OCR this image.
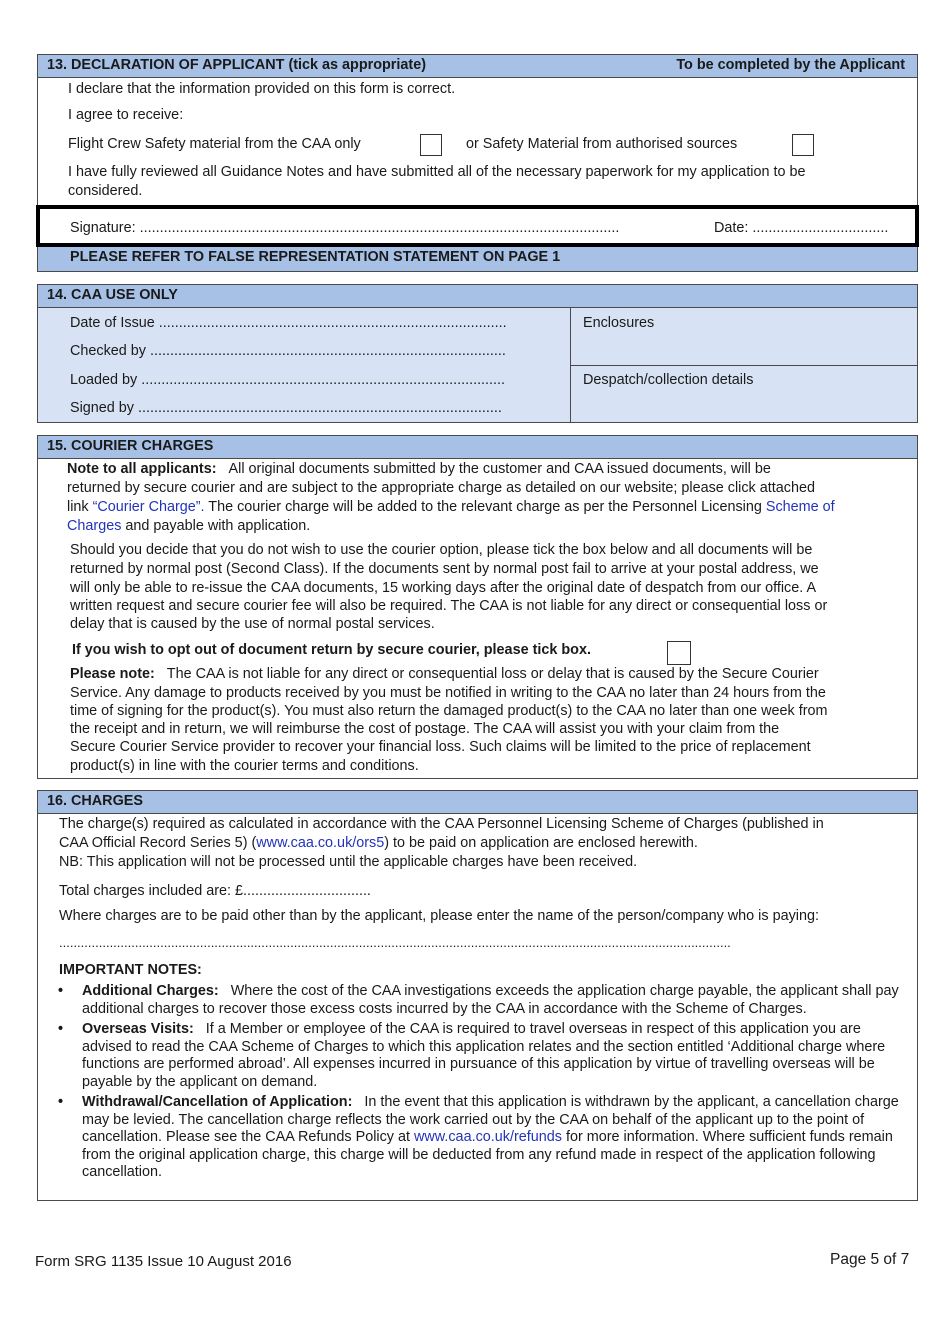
13. DECLARATION OF APPLICANT (tick as appropriate)	To be completed by the Applicant
I declare that the information provided on this form is correct.
I agree to receive:
Flight Crew Safety material from the CAA only	or Safety Material from authorised sources
I have fully reviewed all Guidance Notes and have submitted all of the necessary paperwork for my application to be
considered.
Signature: ........................................................................................................................	Date: ..................................
PLEASE REFER TO FALSE REPRESENTATION STATEMENT ON PAGE 1
14. CAA USE ONLY
Date of Issue .......................................................................................
Checked by .........................................................................................
Loaded by ...........................................................................................
Signed by ...........................................................................................
Enclosures
Despatch/collection details
15. COURIER CHARGES
Note to all applicants: All original documents submitted by the customer and CAA issued documents, will be
returned by secure courier and are subject to the appropriate charge as detailed on our website; please click attached
link “Courier Charge”. The courier charge will be added to the relevant charge as per the Personnel Licensing Scheme of
Charges and payable with application.
Should you decide that you do not wish to use the courier option, please tick the box below and all documents will be
returned by normal post (Second Class). If the documents sent by normal post fail to arrive at your postal address, we
will only be able to re-issue the CAA documents, 15 working days after the original date of despatch from our office. A
written request and secure courier fee will also be required. The CAA is not liable for any direct or consequential loss or
delay that is caused by the use of normal postal services.
If you wish to opt out of document return by secure courier, please tick box.
Please note: The CAA is not liable for any direct or consequential loss or delay that is caused by the Secure Courier
Service. Any damage to products received by you must be notified in writing to the CAA no later than 24 hours from the
time of signing for the product(s). You must also return the damaged product(s) to the CAA no later than one week from
the receipt and in return, we will reimburse the cost of postage. The CAA will assist you with your claim from the
Secure Courier Service provider to recover your financial loss. Such claims will be limited to the price of replacement
product(s) in line with the courier terms and conditions.
16. CHARGES
The charge(s) required as calculated in accordance with the CAA Personnel Licensing Scheme of Charges (published in
CAA Official Record Series 5) (www.caa.co.uk/ors5) to be paid on application are enclosed herewith.
NB: This application will not be processed until the applicable charges have been received.
Total charges included are: £................................
Where charges are to be paid other than by the applicant, please enter the name of the person/company who is paying:
..........................................................................................................................................................................................
IMPORTANT NOTES:
• Additional Charges: Where the cost of the CAA investigations exceeds the application charge payable, the applicant shall pay additional charges to recover those excess costs incurred by the CAA in accordance with the Scheme of Charges.
• Overseas Visits: If a Member or employee of the CAA is required to travel overseas in respect of this application you are advised to read the CAA Scheme of Charges to which this application relates and the section entitled ‘Additional charge where functions are performed abroad’. All expenses incurred in pursuance of this application by virtue of travelling overseas will be payable by the applicant on demand.
• Withdrawal/Cancellation of Application: In the event that this application is withdrawn by the applicant, a cancellation charge may be levied. The cancellation charge reflects the work carried out by the CAA on behalf of the applicant up to the point of cancellation. Please see the CAA Refunds Policy at www.caa.co.uk/refunds for more information. Where sufficient funds remain from the original application charge, this charge will be deducted from any refund made in respect of the application following cancellation.
Form SRG 1135 Issue 10 August 2016	Page 5 of 7
